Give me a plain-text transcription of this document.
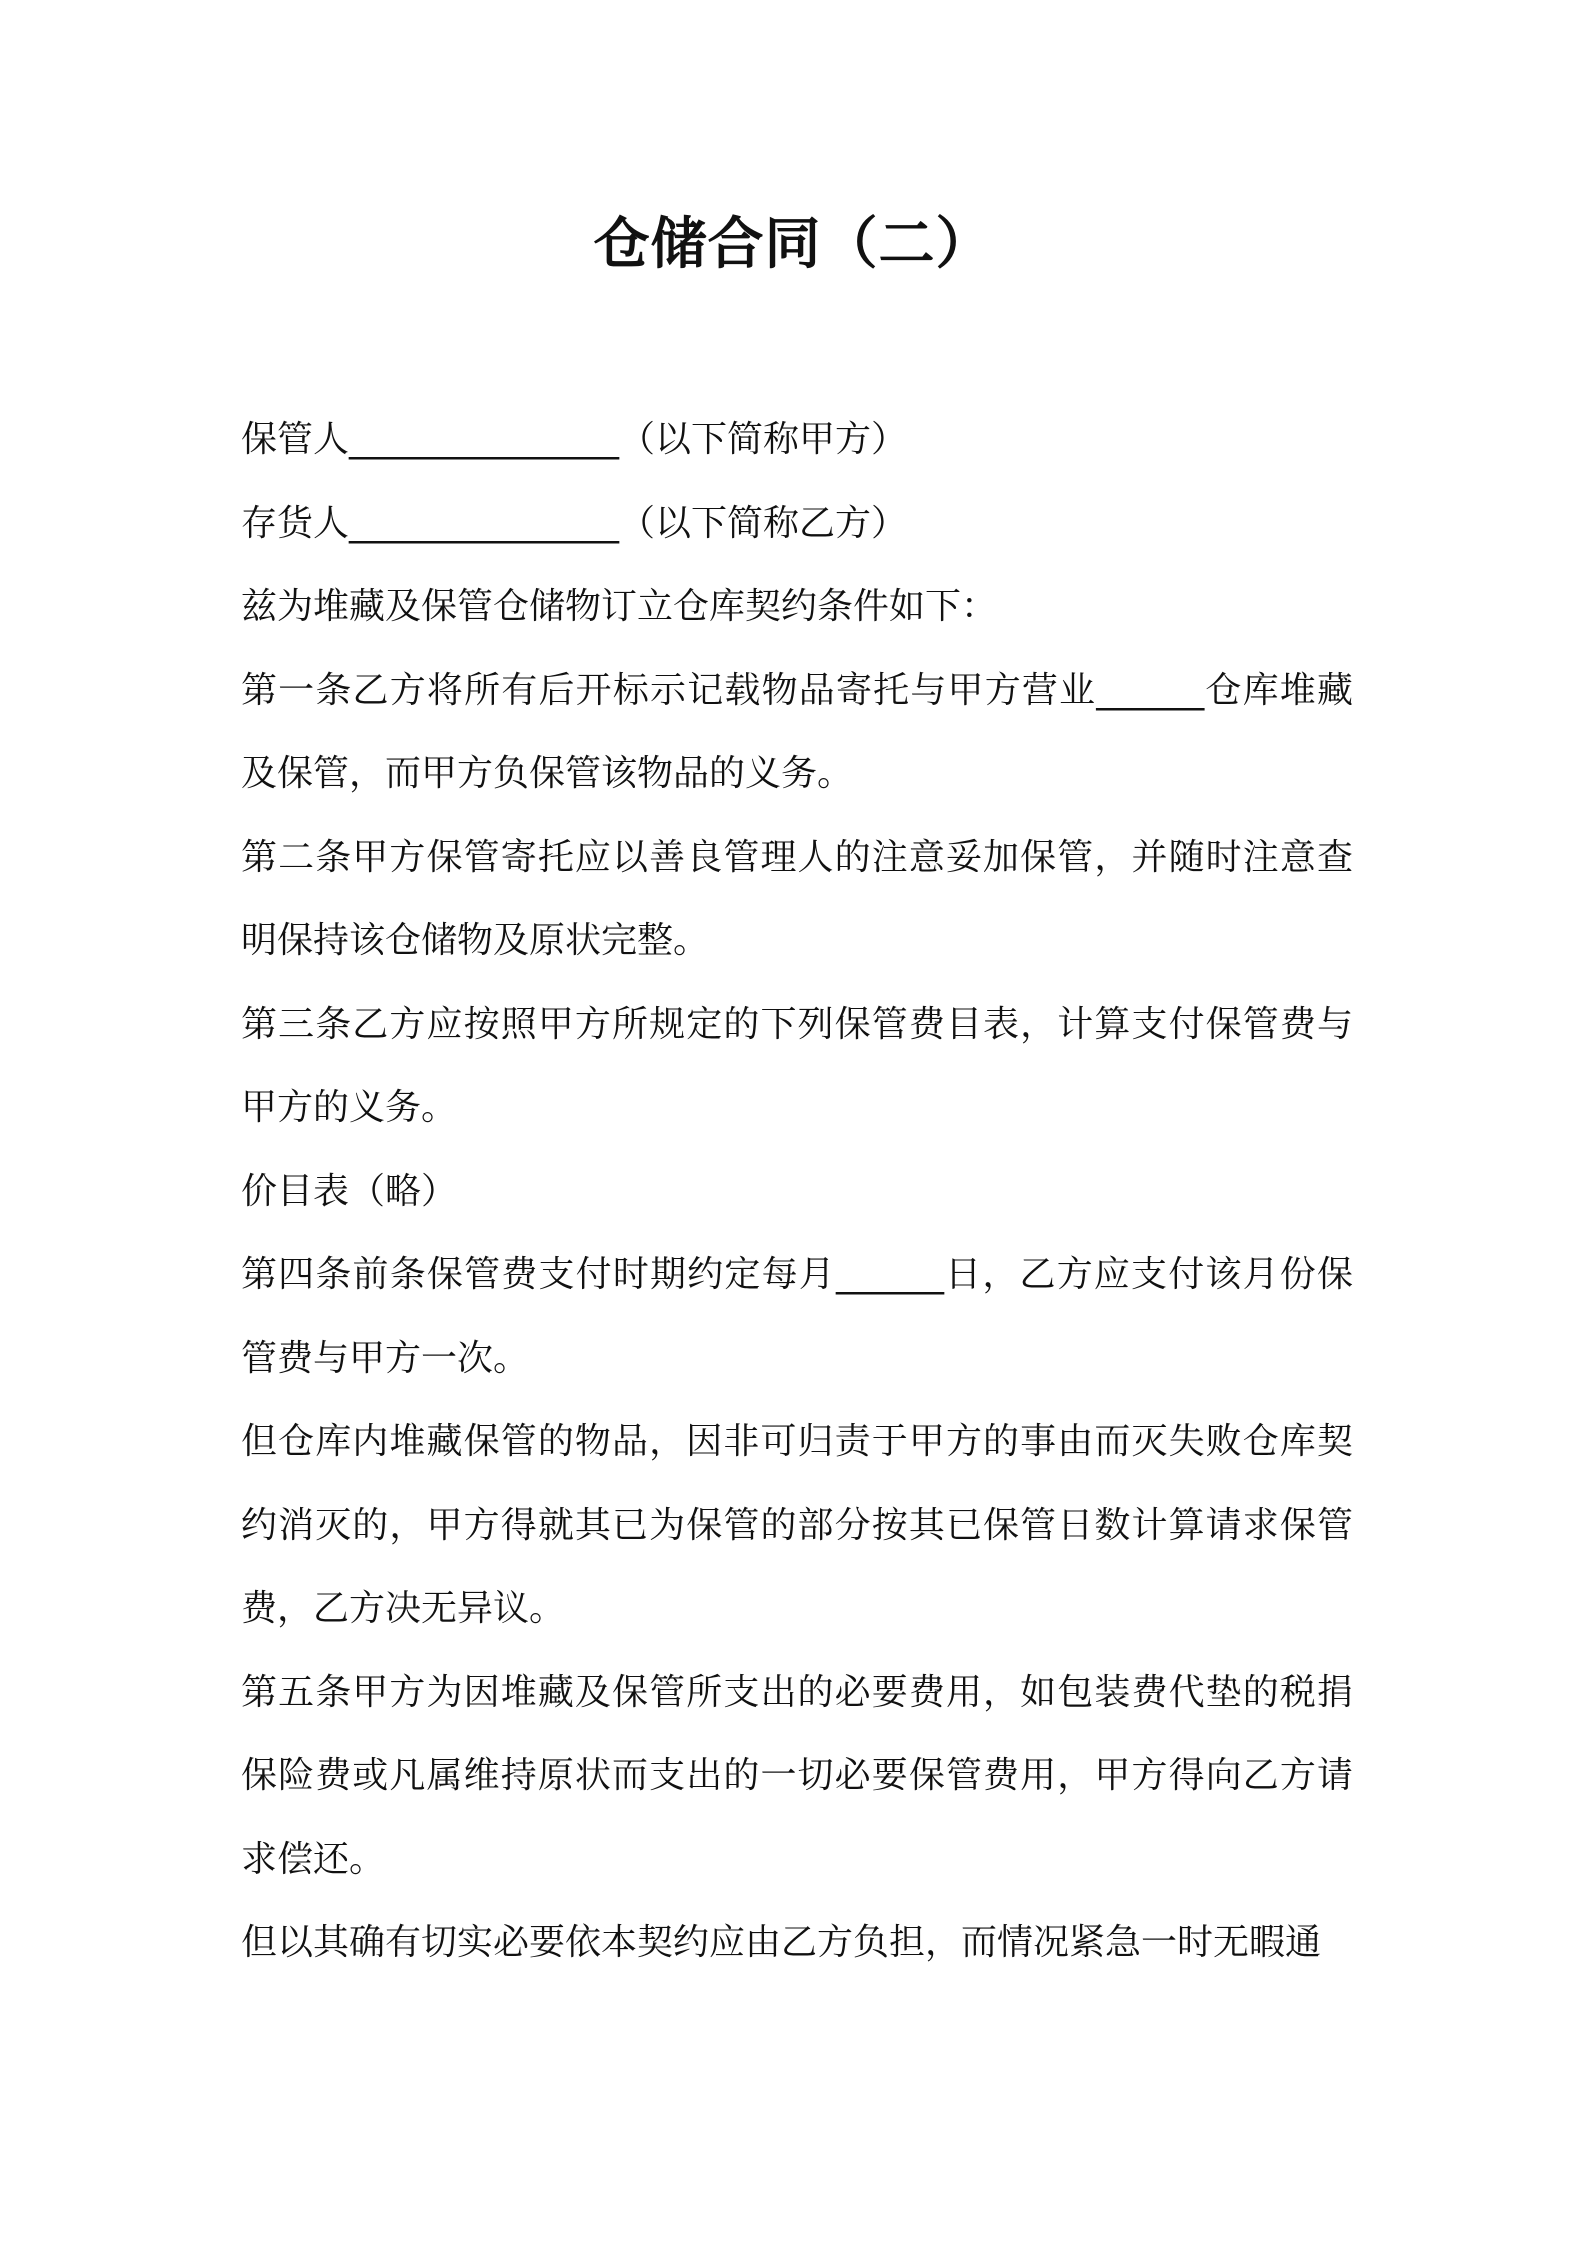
仓储合同（二）

保管人_______________（以下简称甲方）

存货人_______________（以下简称乙方）

兹为堆藏及保管仓储物订立仓库契约条件如下：

第一条乙方将所有后开标示记载物品寄托与甲方营业______仓库堆藏及保管，而甲方负保管该物品的义务。

第二条甲方保管寄托应以善良管理人的注意妥加保管，并随时注意查明保持该仓储物及原状完整。

第三条乙方应按照甲方所规定的下列保管费目表，计算支付保管费与甲方的义务。

价目表（略）

第四条前条保管费支付时期约定每月______日，乙方应支付该月份保管费与甲方一次。

但仓库内堆藏保管的物品，因非可归责于甲方的事由而灭失败仓库契约消灭的，甲方得就其已为保管的部分按其已保管日数计算请求保管费，乙方决无异议。

第五条甲方为因堆藏及保管所支出的必要费用，如包装费代垫的税捐保险费或凡属维持原状而支出的一切必要保管费用，甲方得向乙方请求偿还。

但以其确有切实必要依本契约应由乙方负担，而情况紧急一时无暇通
